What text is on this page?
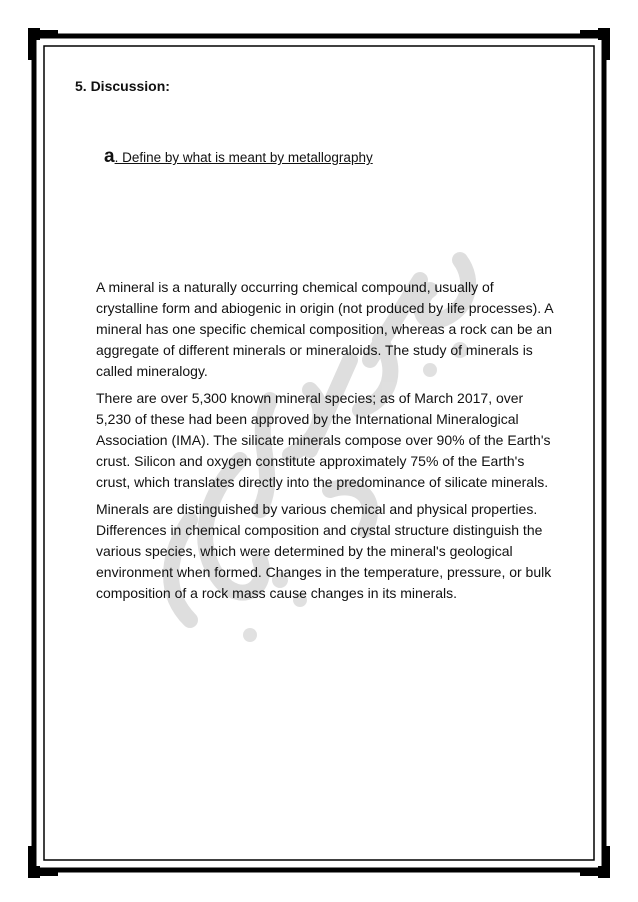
5. Discussion:

a. Define by what is meant by metallography

A mineral is a naturally occurring chemical compound, usually of crystalline form and abiogenic in origin (not produced by life processes). A mineral has one specific chemical composition, whereas a rock can be an aggregate of different minerals or mineraloids. The study of minerals is called mineralogy.

There are over 5,300 known mineral species; as of March 2017, over 5,230 of these had been approved by the International Mineralogical Association (IMA). The silicate minerals compose over 90% of the Earth's crust. Silicon and oxygen constitute approximately 75% of the Earth's crust, which translates directly into the predominance of silicate minerals.

Minerals are distinguished by various chemical and physical properties. Differences in chemical composition and crystal structure distinguish the various species, which were determined by the mineral's geological environment when formed. Changes in the temperature, pressure, or bulk composition of a rock mass cause changes in its minerals.
